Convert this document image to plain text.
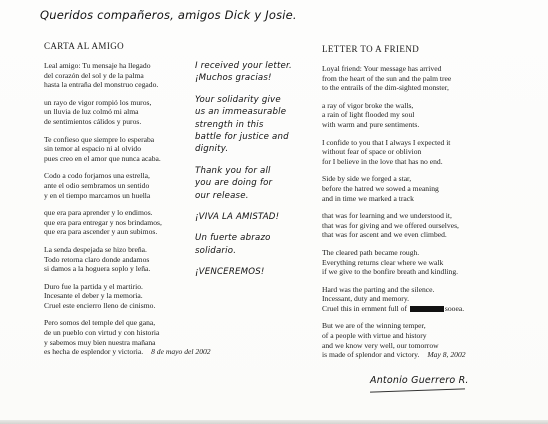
Queridos compañeros, amigos Dick y Josie.
CARTA AL AMIGO	LETTER TO A FRIEND
Leal amigo: Tu mensaje ha llegado
del corazón del sol y de la palma
hasta la entraña del monstruo cegado.
un rayo de vigor rompió los muros,
un lluvia de luz colmó mi alma
de sentimientos cálidos y puros.
Te confieso que siempre lo esperaba
sin temor al espacio ni al olvido
pues creo en el amor que nunca acaba.
Codo a codo forjamos una estrella,
ante el odio sembramos un sentido
y en el tiempo marcamos un huella
que era para aprender y lo endimos.
que era para entregar y nos brindamos,
que era para ascender y aun subimos.
La senda despejada se hizo breña.
Todo retorna claro donde andamos
si damos a la hoguera soplo y leña.
Duro fue la partida y el martirio.
Incesante el deber y la memoria.
Cruel este encierro lleno de cinismo.
Pero somos del temple del que gana,
de un pueblo con virtud y con historia
y sabemos muy bien nuestra mañana
es hecha de esplendor y victoria. 8 de mayo del 2002
I received your letter.
¡Muchos gracias!
Your solidarity give
us an immeasurable
strength in this
battle for justice and
dignity.
Thank you for all
you are doing for
our release.
¡VIVA LA AMISTAD!
Un fuerte abrazo
solidario.
¡VENCEREMOS!
Loyal friend: Your message has arrived
from the heart of the sun and the palm tree
to the entrails of the dim-sighted monster,
a ray of vigor broke the walls,
a rain of light flooded my soul
with warm and pure sentiments.
I confide to you that I always I expected it
without fear of space or oblivion
for I believe in the love that has no end.
Side by side we forged a star,
before the hatred we sowed a meaning
and in time we marked a track
that was for learning and we understood it,
that was for giving and we offered ourselves,
that was for ascent and we even climbed.
The cleared path became rough.
Everything returns clear where we walk
if we give to the bonfire breath and kindling.
Hard was the parting and the silence.
Incessant, duty and memory.
Cruel this in ernment full of	sooea.
But we are of the winning temper,
of a people with virtue and history
and we know very well, our tomorrow
is made of splendor and victory. May 8, 2002
Antonio Guerrero R.
